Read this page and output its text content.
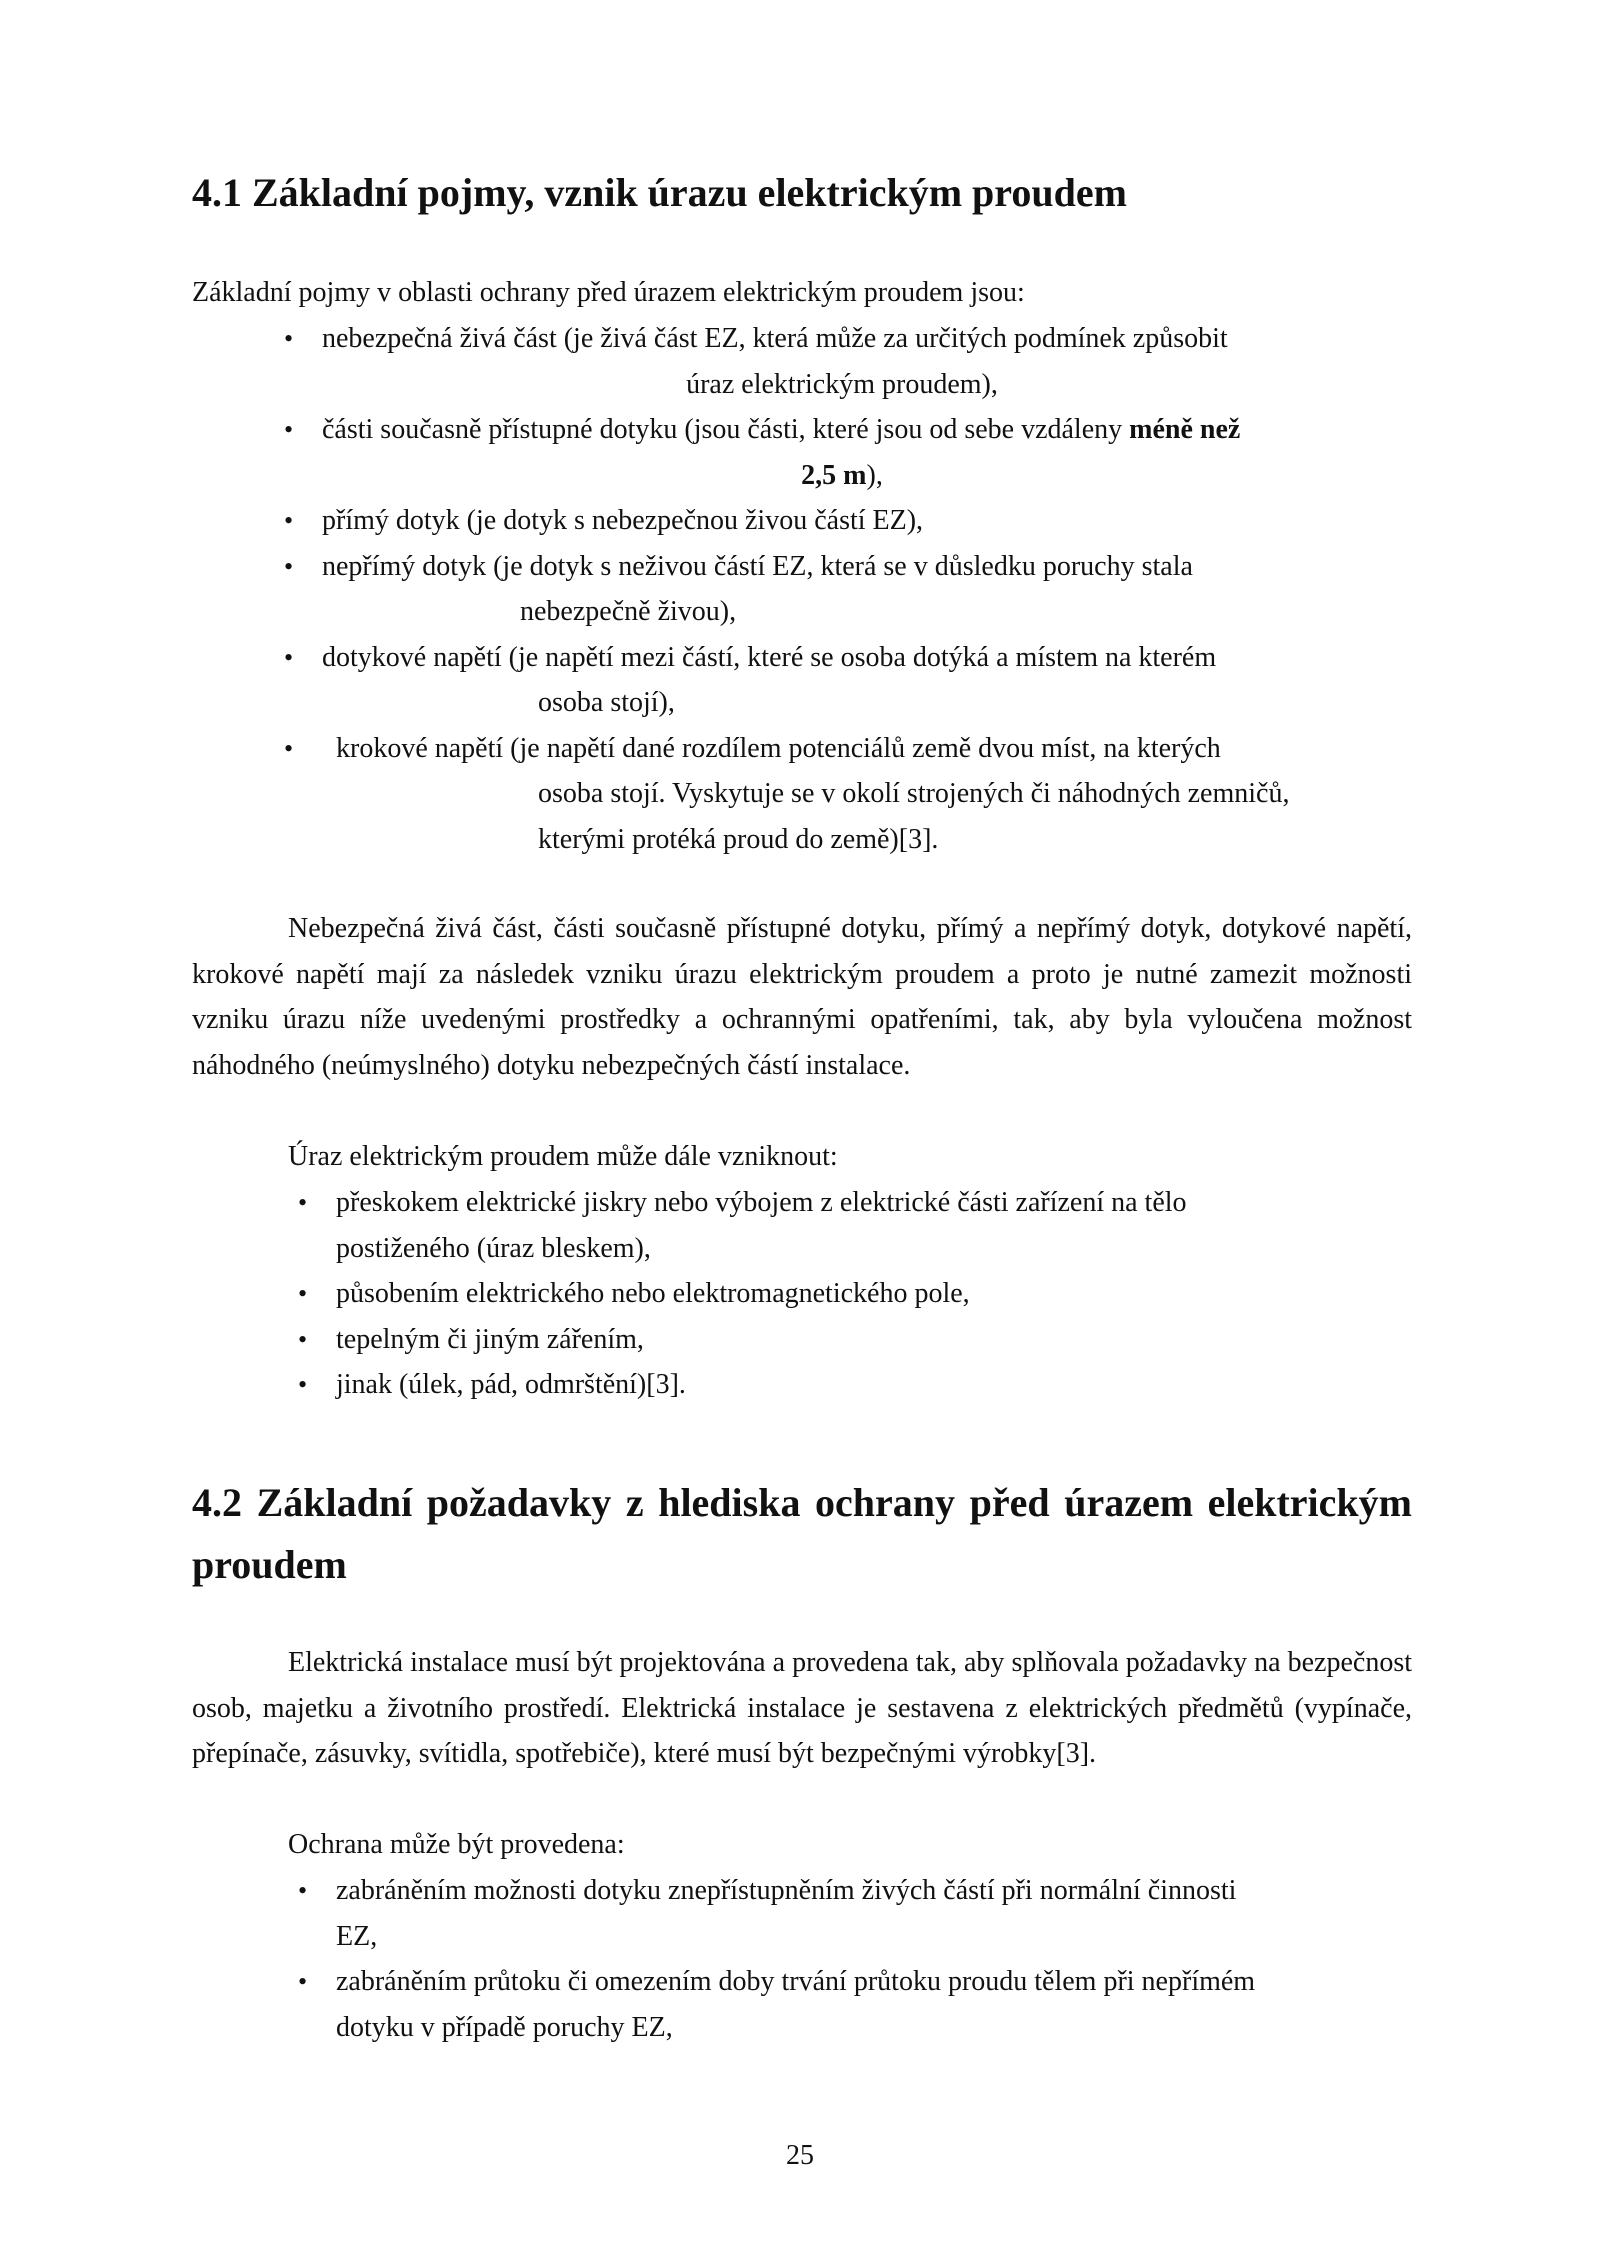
4.1 Základní pojmy, vznik úrazu elektrickým proudem
Základní pojmy v oblasti ochrany před úrazem elektrickým proudem jsou:
• nebezpečná živá část (je živá část EZ, která může za určitých podmínek způsobit

úraz elektrickým proudem),
• části současně přístupné dotyku (jsou části, které jsou od sebe vzdáleny méně než

2,5 m),
• přímý dotyk (je dotyk s nebezpečnou živou částí EZ),
• nepřímý dotyk (je dotyk s neživou částí EZ, která se v důsledku poruchy stala

nebezpečně živou),
• dotykové napětí (je napětí mezi částí, které se osoba dotýká a místem na kterém

osoba stojí),
• krokové napětí (je napětí dané rozdílem potenciálů země dvou míst, na kterých

osoba stojí. Vyskytuje se v okolí strojených či náhodných zemničů,
kterými protéká proud do země)[3].
Nebezpečná živá část, části současně přístupné dotyku, přímý a nepřímý dotyk, dotykové napětí, krokové napětí mají za následek vzniku úrazu elektrickým proudem a proto je nutné zamezit možnosti vzniku úrazu níže uvedenými prostředky a ochrannými opatřeními, tak, aby byla vyloučena možnost náhodného (neúmyslného) dotyku nebezpečných částí instalace.
Úraz elektrickým proudem může dále vzniknout:
• přeskokem elektrické jiskry nebo výbojem z elektrické části zařízení na tělo
postiženého (úraz bleskem),
• působením elektrického nebo elektromagnetického pole,
• tepelným či jiným zářením,
• jinak (úlek, pád, odmrštění)[3].
4.2 Základní požadavky z hlediska ochrany před úrazem elektrickým proudem
Elektrická instalace musí být projektována a provedena tak, aby splňovala požadavky na bezpečnost osob, majetku a životního prostředí. Elektrická instalace je sestavena z elektrických předmětů (vypínače, přepínače, zásuvky, svítidla, spotřebiče), které musí být bezpečnými výrobky[3].
Ochrana může být provedena:
• zabráněním možnosti dotyku znepřístupněním živých částí při normální činnosti
EZ,
• zabráněním průtoku či omezením doby trvání průtoku proudu tělem při nepřímém
dotyku v případě poruchy EZ,
25
